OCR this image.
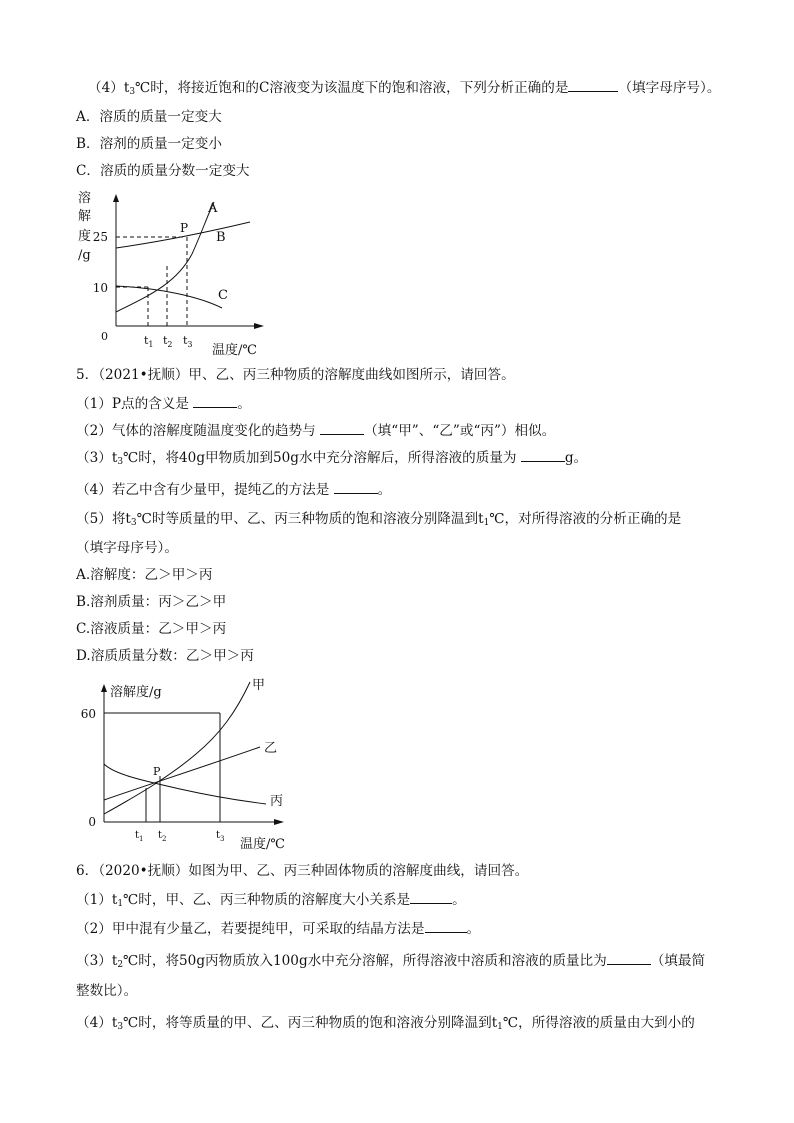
$(4)t_3℃$时，将接近饱和的C溶液变为该温度下的饱和溶液，下列分析正确的是	（填字母序号）。
A．溶质的质量一定变大
B．溶剂的质量一定变小
C．溶质的质量分数一定变大
溶
解
度
/g
25
10
0
A
B
C
P
$t_1$ $t_2$ $t_3$ 温度/℃
5．（2021•抚顺）甲、乙、丙三种物质的溶解度曲线如图所示，请回答。
（1）P点的含义是	。
（2）气体的溶解度随温度变化的趋势与	（填“甲”、“乙”或“丙”）相似。
$(3)t_3℃$时，将40g甲物质加到50g水中充分溶解后，所得溶液的质量为	g。
（4）若乙中含有少量甲，提纯乙的方法是	。
（5）将$t_3℃$时等质量的甲、乙、丙三种物质的饱和溶液分别降温到$t_1℃$，对所得溶液的分析正确的是
（填字母序号）。
A.溶解度：乙＞甲＞丙
B.溶剂质量：丙＞乙＞甲
C.溶液质量：乙＞甲＞丙
D.溶质质量分数：乙＞甲＞丙
溶解度/g
60
0
甲
乙
丙
P
$t_1$ $t_2$	$t_3$ 温度/℃
6．（2020•抚顺）如图为甲、乙、丙三种固体物质的溶解度曲线，请回答。
$(1)t_1℃$时，甲、乙、丙三种物质的溶解度大小关系是	。
（2）甲中混有少量乙，若要提纯甲，可采取的结晶方法是	。
$(3)t_2℃$时，将50g丙物质放入100g水中充分溶解，所得溶液中溶质和溶液的质量比为	（填最简
整数比）。
$(4)t_3℃$时，将等质量的甲、乙、丙三种物质的饱和溶液分别降温到$t_1℃$，所得溶液的质量由大到小的
